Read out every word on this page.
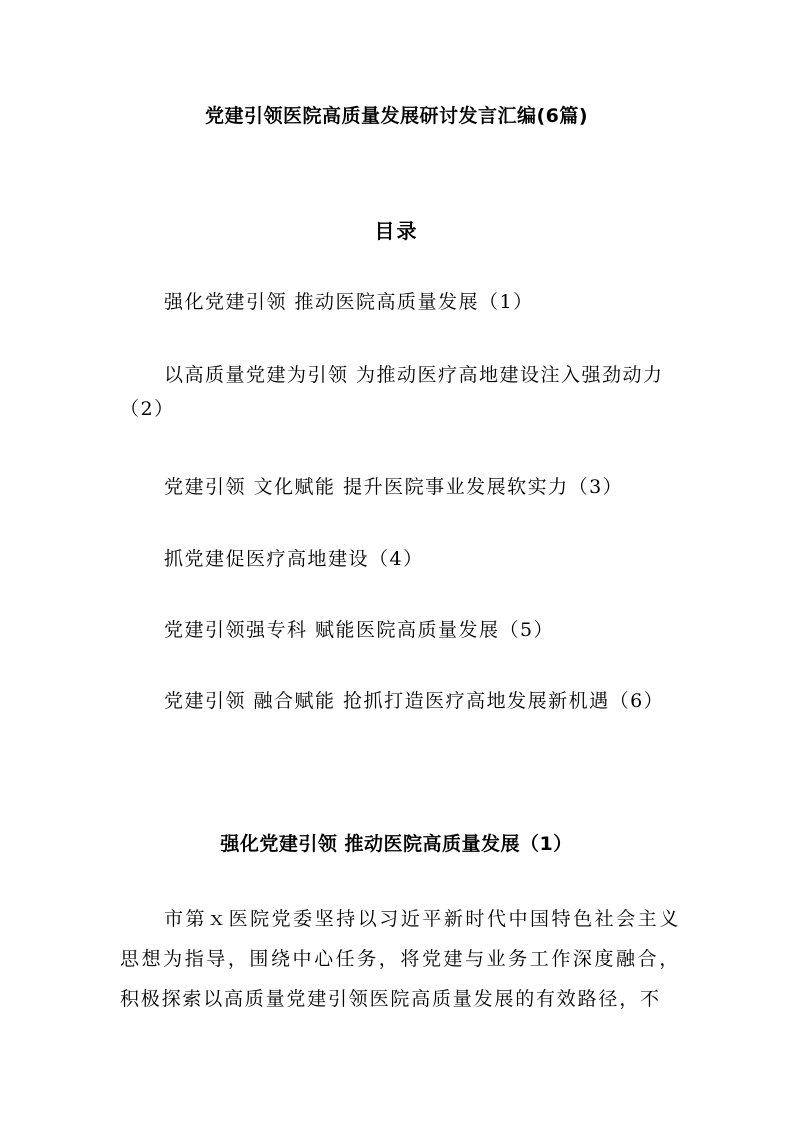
党建引领医院高质量发展研讨发言汇编(6篇)
目录
强化党建引领 推动医院高质量发展（1）
以高质量党建为引领 为推动医疗高地建设注入强劲动力（2）
党建引领 文化赋能 提升医院事业发展软实力（3）
抓党建促医疗高地建设（4）
党建引领强专科 赋能医院高质量发展（5）
党建引领 融合赋能 抢抓打造医疗高地发展新机遇（6）
强化党建引领 推动医院高质量发展（1）
市第ｘ医院党委坚持以习近平新时代中国特色社会主义思想为指导，围绕中心任务，将党建与业务工作深度融合，积极探索以高质量党建引领医院高质量发展的有效路径，不
